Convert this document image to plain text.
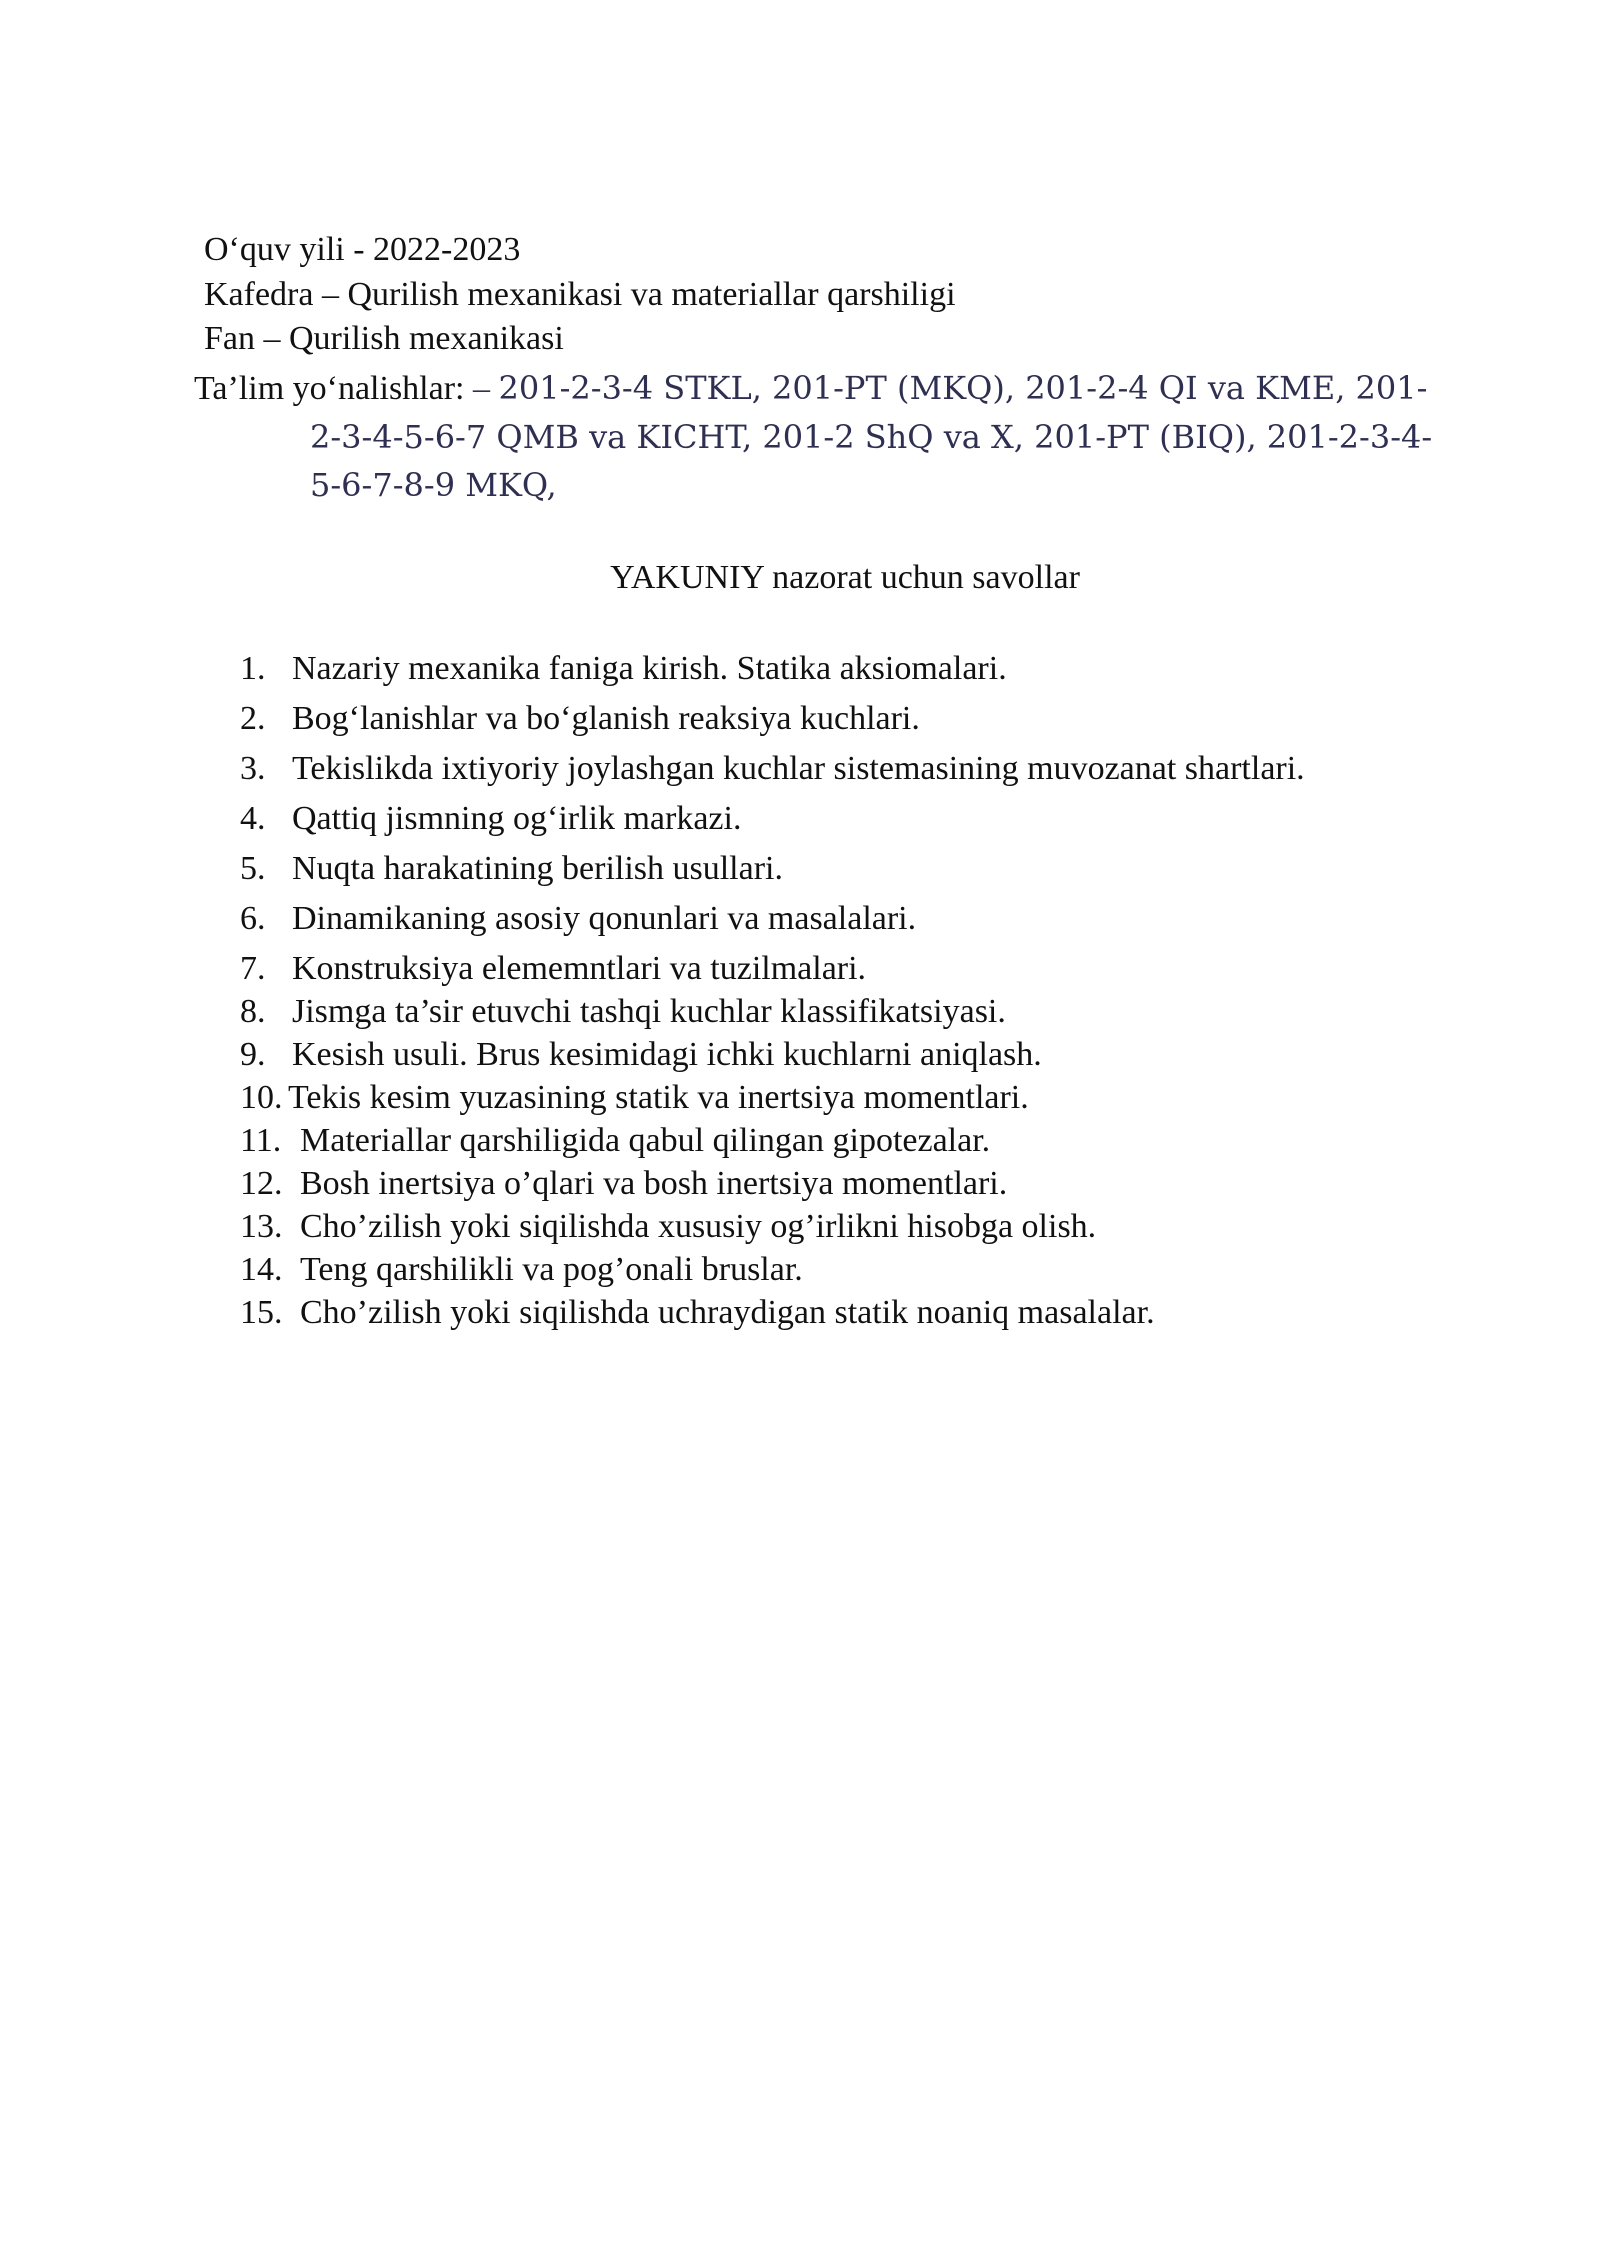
O‘quv yili - 2022-2023
Kafedra – Qurilish mexanikasi va materiallar qarshiligi
Fan – Qurilish mexanikasi
Ta’lim yo‘nalishlar: – 201-2-3-4 STKL, 201-PT (MKQ), 201-2-4 QI va KME, 201-
2-3-4-5-6-7 QMB va KICHT, 201-2 ShQ va X, 201-PT (BIQ), 201-2-3-4-
5-6-7-8-9 MKQ,
YAKUNIY nazorat uchun savollar
1. Nazariy mexanika faniga kirish. Statika aksiomalari.
2. Bog‘lanishlar va bo‘glanish reaksiya kuchlari.
3. Tekislikda ixtiyoriy joylashgan kuchlar sistemasining muvozanat shartlari.
4. Qattiq jismning og‘irlik markazi.
5. Nuqta harakatining berilish usullari.
6. Dinamikaning asosiy qonunlari va masalalari.
7. Konstruksiya elememntlari va tuzilmalari.
8. Jismga ta’sir etuvchi tashqi kuchlar klassifikatsiyasi.
9. Kesish usuli. Brus kesimidagi ichki kuchlarni aniqlash.
10. Tekis kesim yuzasining statik va inertsiya momentlari.
11. Materiallar qarshiligida qabul qilingan gipotezalar.
12. Bosh inertsiya o’qlari va bosh inertsiya momentlari.
13. Cho’zilish yoki siqilishda xususiy og’irlikni hisobga olish.
14. Teng qarshilikli va pog’onali bruslar.
15. Cho’zilish yoki siqilishda uchraydigan statik noaniq masalalar.
